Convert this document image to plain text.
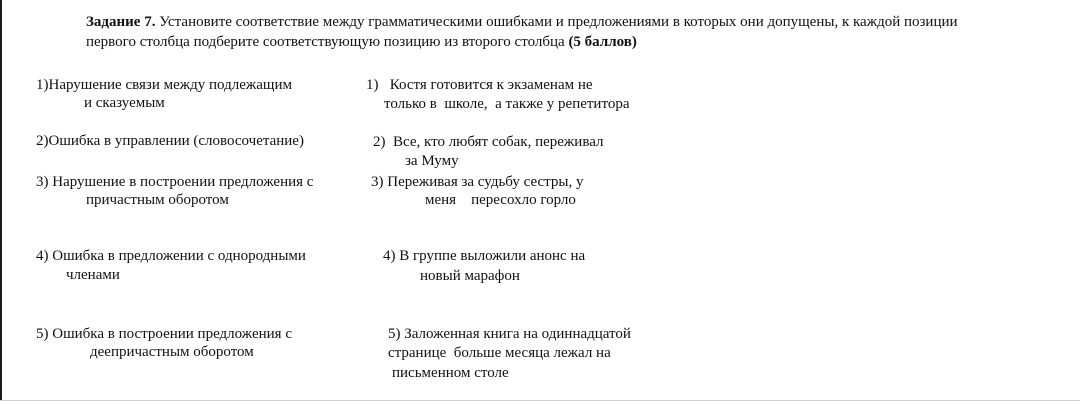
Задание 7. Установите соответствие между грамматическими ошибками и предложениями в которых они допущены, к каждой позиции
первого столбца подберите соответствующую позицию из второго столбца (5 баллов)
1)Нарушение связи между подлежащим
и сказуемым
2)Ошибка в управлении (словосочетание)
3) Нарушение в построении предложения с
причастным оборотом
4) Ошибка в предложении с однородными
членами
5) Ошибка в построении предложения с
деепричастным оборотом
1)   Костя готовится к экзаменам не
только в  школе,  а также у репетитора
2)  Все, кто любят собак, переживал
за Муму
3) Переживая за судьбу сестры, у
меня    пересохло горло
4) В группе выложили анонс на
новый марафон
5) Заложенная книга на одиннадцатой
странице  больше месяца лежал на
письменном столе
